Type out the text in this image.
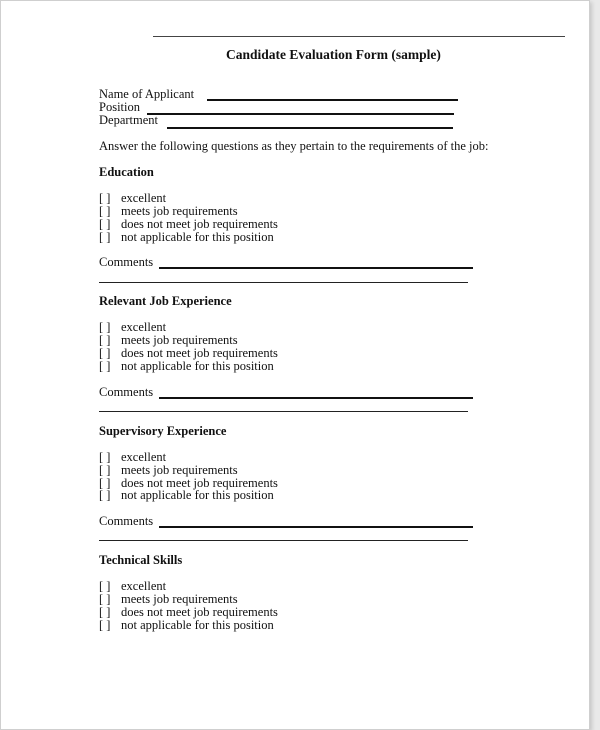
Candidate Evaluation Form (sample)
Name of Applicant
Position
Department
Answer the following questions as they pertain to the requirements of the job:
Education
[ ] excellent
[ ] meets job requirements
[ ] does not meet job requirements
[ ] not applicable for this position
Comments
Relevant Job Experience
[ ] excellent
[ ] meets job requirements
[ ] does not meet job requirements
[ ] not applicable for this position
Comments
Supervisory Experience
[ ] excellent
[ ] meets job requirements
[ ] does not meet job requirements
[ ] not applicable for this position
Comments
Technical Skills
[ ] excellent
[ ] meets job requirements
[ ] does not meet job requirements
[ ] not applicable for this position
